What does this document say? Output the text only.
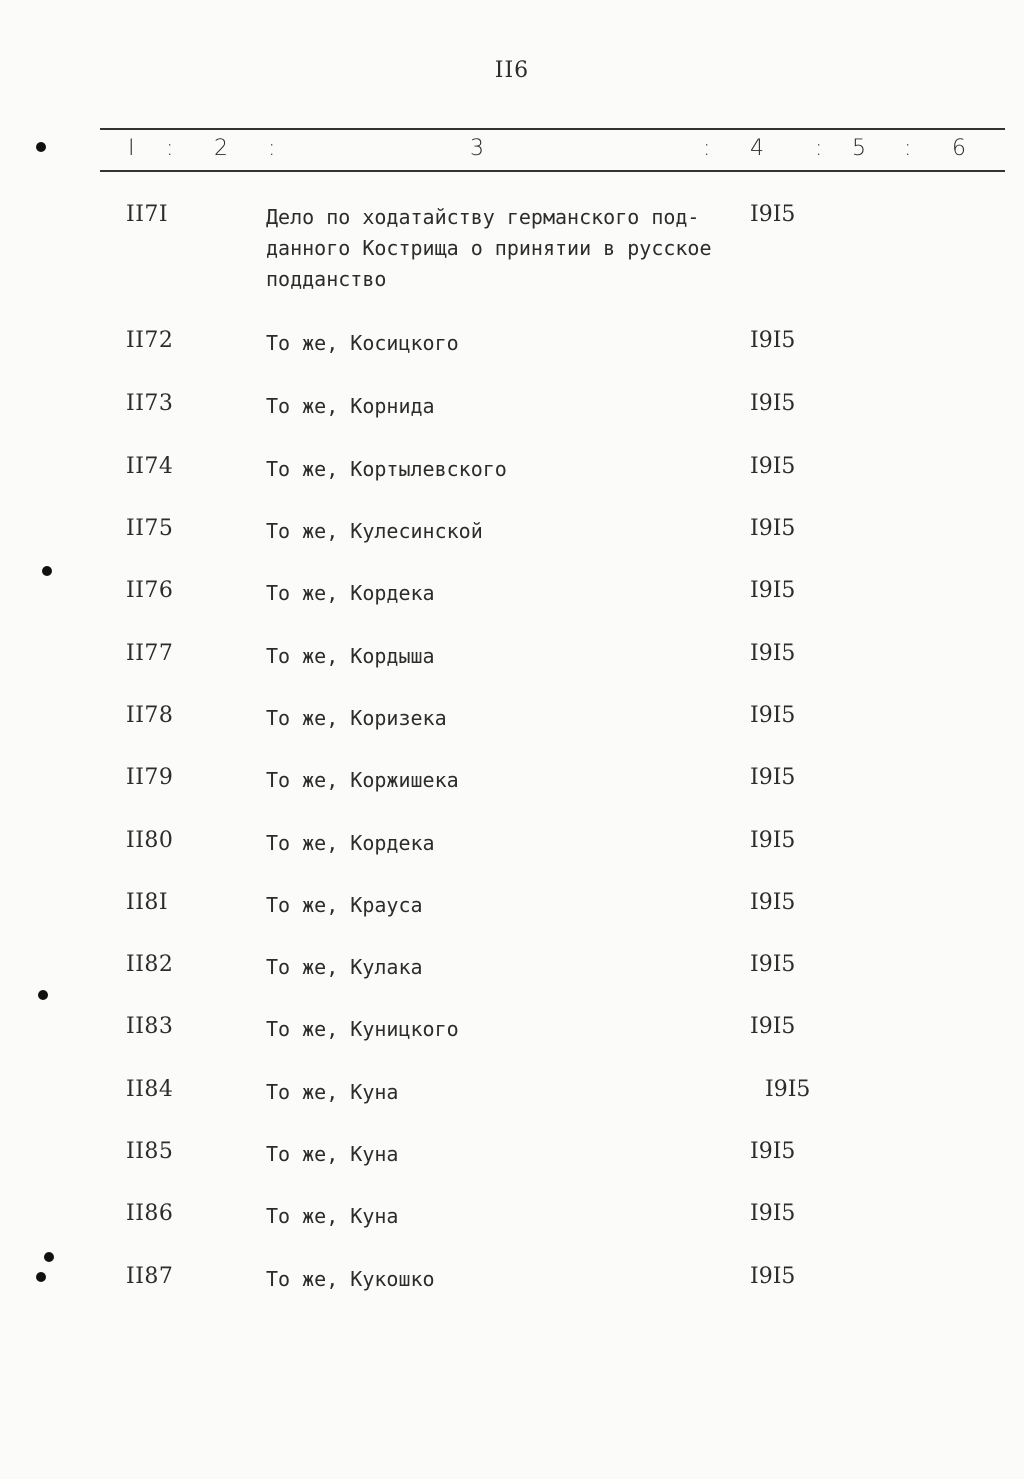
II6
I : 2 :	3	: 4 : 5 : 6
II7I	Дело по ходатайству германского под-
данного Кострища о принятии в русское
подданство
I9I5
II72	То же, Косицкого	I9I5
II73	То же, Корнида	I9I5
II74	То же, Кортылевского	I9I5
II75	То же, Кулесинской	I9I5
II76	То же, Кордека	I9I5
II77	То же, Кордыша	I9I5
II78	То же, Коризека	I9I5
II79	То же, Коржишека	I9I5
II80	То же, Кордека	I9I5
II8I	То же, Крауса	I9I5
II82	То же, Кулака	I9I5
II83	То же, Куницкого	I9I5
II84	То же, Куна	I9I5
II85	То же, Куна	I9I5
II86	То же, Куна	I9I5
II87	То же, Кукошко	I9I5
